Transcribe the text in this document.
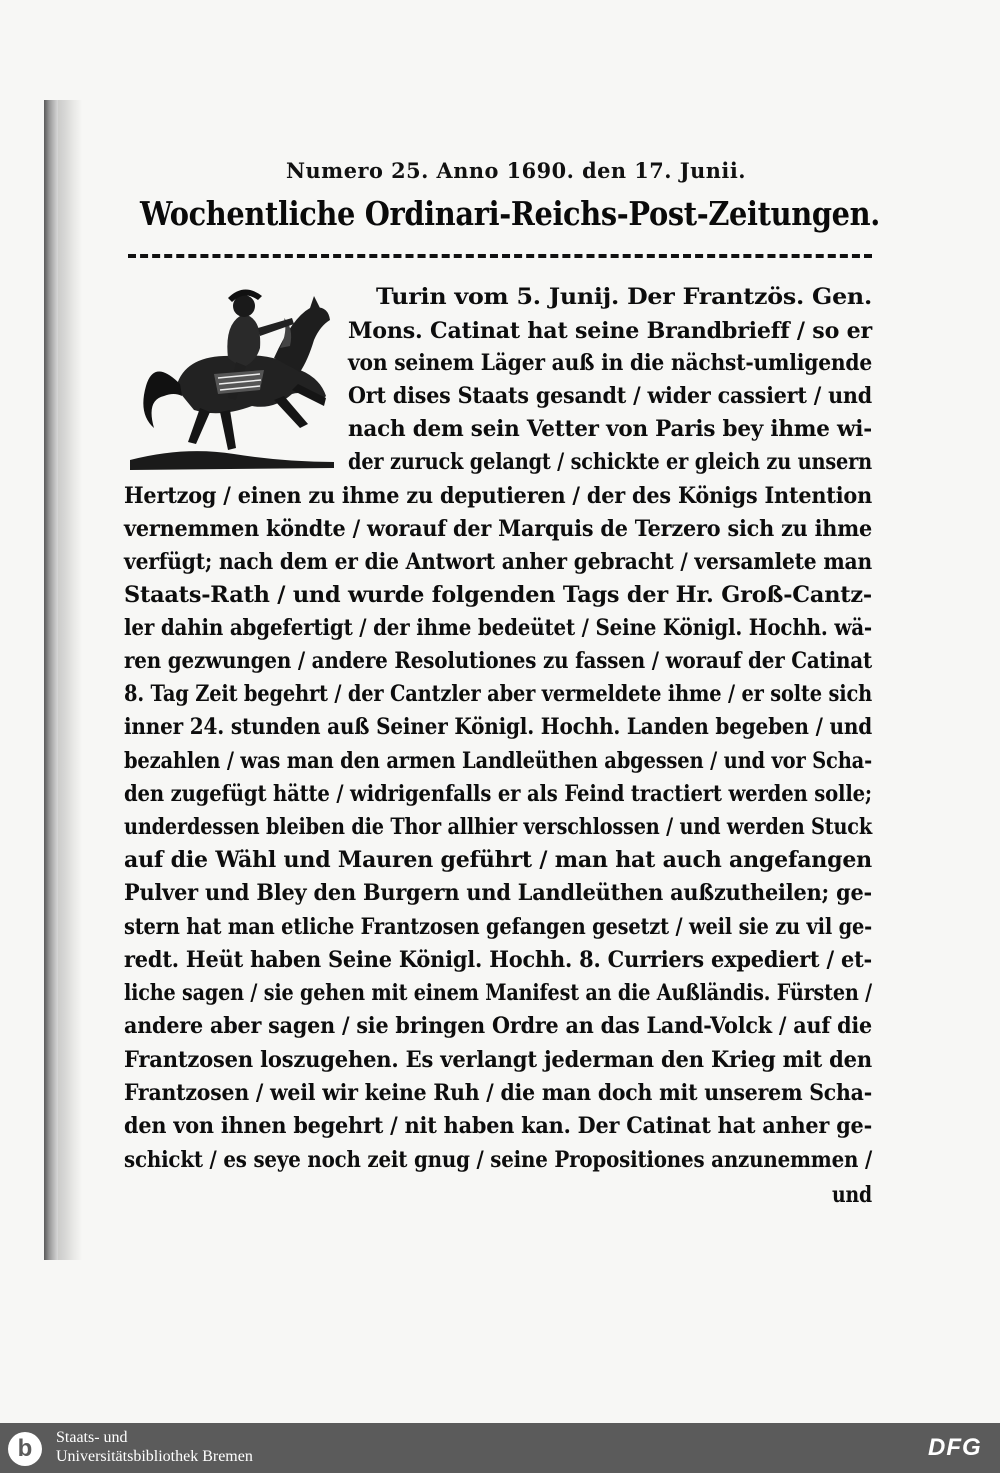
Numero 25. Anno 1690. den 17. Junii.
Wochentliche Ordinari-Reichs-Post-Zeitungen.
Turin vom 5. Junij. Der Frantzös. Gen.
Mons. Catinat hat seine Brandbrieff / so er
von seinem Läger auß in die nächst-umligende
Ort dises Staats gesandt / wider cassiert / und
nach dem sein Vetter von Paris bey ihme wi-
der zuruck gelangt / schickte er gleich zu unsern
Hertzog / einen zu ihme zu deputieren / der des Königs Intention
vernemmen köndte / worauf der Marquis de Terzero sich zu ihme
verfügt; nach dem er die Antwort anher gebracht / versamlete man
Staats-Rath / und wurde folgenden Tags der Hr. Groß-Cantz-
ler dahin abgefertigt / der ihme bedeütet / Seine Königl. Hochh. wä-
ren gezwungen / andere Resolutiones zu fassen / worauf der Catinat
8. Tag Zeit begehrt / der Cantzler aber vermeldete ihme / er solte sich
inner 24. stunden auß Seiner Königl. Hochh. Landen begeben / und
bezahlen / was man den armen Landleüthen abgessen / und vor Scha-
den zugefügt hätte / widrigenfalls er als Feind tractiert werden solle;
underdessen bleiben die Thor allhier verschlossen / und werden Stuck
auf die Wähl und Mauren geführt / man hat auch angefangen
Pulver und Bley den Burgern und Landleüthen außzutheilen; ge-
stern hat man etliche Frantzosen gefangen gesetzt / weil sie zu vil ge-
redt. Heüt haben Seine Königl. Hochh. 8. Curriers expediert / et-
liche sagen / sie gehen mit einem Manifest an die Außländis. Fürsten /
andere aber sagen / sie bringen Ordre an das Land-Volck / auf die
Frantzosen loszugehen. Es verlangt jederman den Krieg mit den
Frantzosen / weil wir keine Ruh / die man doch mit unserem Scha-
den von ihnen begehrt / nit haben kan. Der Catinat hat anher ge-
schickt / es seye noch zeit gnug / seine Propositiones anzunemmen /
und
b	Staats- und
Universitätsbibliothek Bremen	DFG
